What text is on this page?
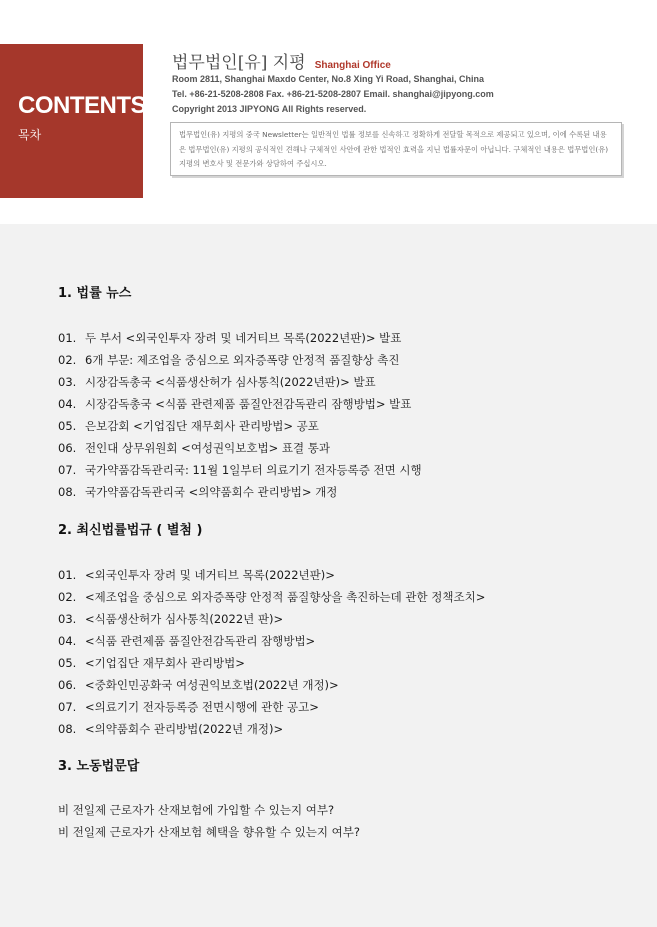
CONTENTS
목차
법무법인[유] 지평 Shanghai Office
Room 2811, Shanghai Maxdo Center, No.8 Xing Yi Road, Shanghai, China
Tel. +86-21-5208-2808 Fax. +86-21-5208-2807 Email. shanghai@jipyong.com
Copyright 2013 JIPYONG All Rights reserved.
법무법인(유) 지평의 중국 Newsletter는 일반적인 법률 정보를 신속하고 정확하게 전달할 목적으로 제공되고 있으며, 이에 수록된 내용은 법무법인(유) 지평의 공식적인 견해나 구체적인 사안에 관한 법적인 효력을 지닌 법률자문이 아닙니다. 구체적인 내용은 법무법인(유) 지평의 변호사 및 전문가와 상담하여 주십시오.
1. 법률 뉴스
01. 두 부서 <외국인투자 장려 및 네거티브 목록(2022년판)> 발표
02. 6개 부문: 제조업을 중심으로 외자증폭량 안정적 품질향상 촉진
03. 시장감독총국 <식품생산허가 심사통칙(2022년판)> 발표
04. 시장감독총국 <식품 관련제품 품질안전감독관리 잠행방법> 발표
05. 은보감회 <기업집단 재무회사 관리방법> 공포
06. 전인대 상무위원회 <여성권익보호법> 표결 통과
07. 국가약품감독관리국: 11월 1일부터 의료기기 전자등록증 전면 시행
08. 국가약품감독관리국 <의약품회수 관리방법> 개정
2. 최신법률법규 ( 별첨 )
01. <외국인투자 장려 및 네거티브 목록(2022년판)>
02. <제조업을 중심으로 외자증폭량 안정적 품질향상을 촉진하는데 관한 정책조치>
03. <식품생산허가 심사통칙(2022년 판)>
04. <식품 관련제품 품질안전감독관리 잠행방법>
05. <기업집단 재무회사 관리방법>
06. <중화인민공화국 여성권익보호법(2022년 개정)>
07. <의료기기 전자등록증 전면시행에 관한 공고>
08. <의약품회수 관리방법(2022년 개정)>
3. 노동법문답
비 전일제 근로자가 산재보험에 가입할 수 있는지 여부?
비 전일제 근로자가 산재보험 혜택을 향유할 수 있는지 여부?
